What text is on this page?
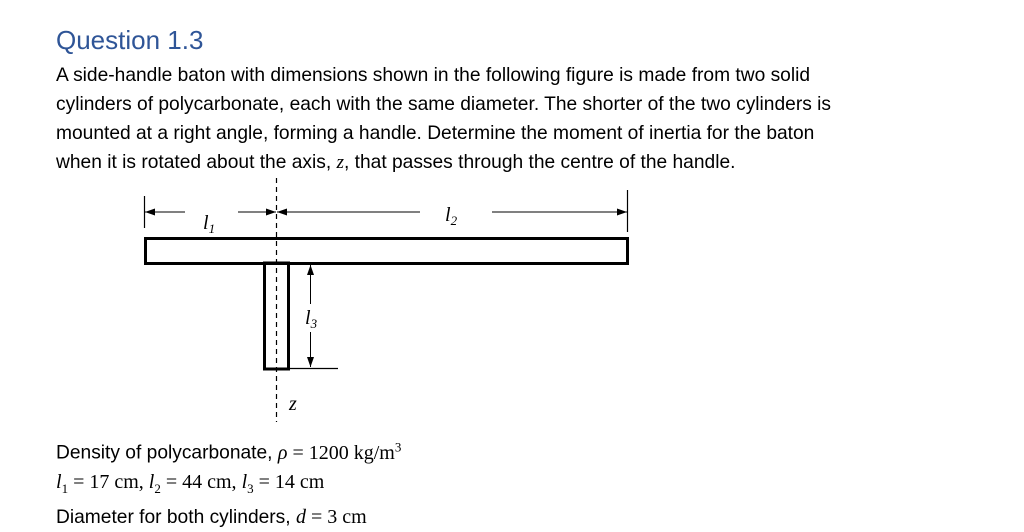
Question 1.3
A side-handle baton with dimensions shown in the following figure is made from two solid
cylinders of polycarbonate, each with the same diameter. The shorter of the two cylinders is
mounted at a right angle, forming a handle. Determine the moment of inertia for the baton
when it is rotated about the axis, z, that passes through the centre of the handle.
$l_1$
$l_2$
$l_3$
z
Density of polycarbonate, ρ = 1200 $kg/m^3$
$l_1 = 17$ cm, $l_2 = 44$ cm, $l_3 = 14$ cm
Diameter for both cylinders, d = 3 cm
